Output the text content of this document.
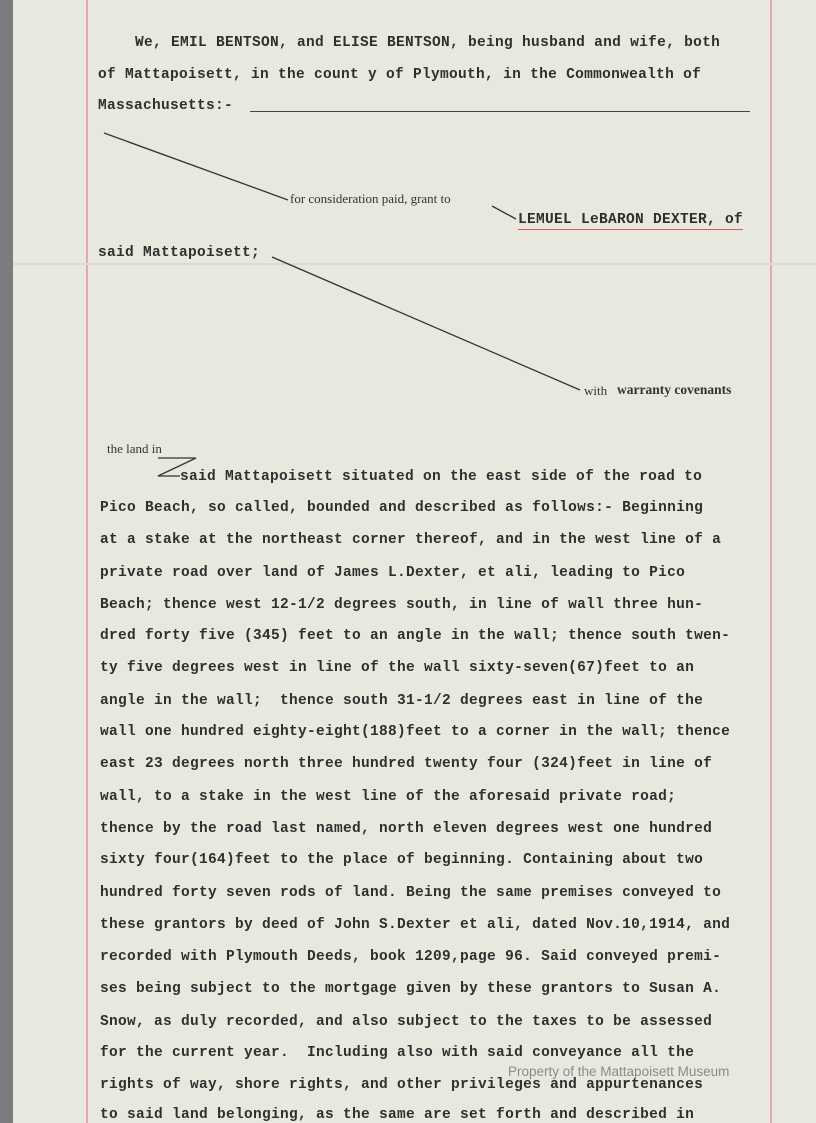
We, EMIL BENTSON, and ELISE BENTSON, being husband and wife, both
of Mattapoisett, in the count y of Plymouth, in the Commonwealth of
Massachusetts:-
for consideration paid, grant to
LEMUEL LeBARON DEXTER, of
said Mattapoisett;
with warranty covenants
the land in
said Mattapoisett situated on the east side of the road to
Pico Beach, so called, bounded and described as follows:- Beginning
at a stake at the northeast corner thereof, and in the west line of a
private road over land of James L.Dexter, et ali, leading to Pico
Beach; thence west 12-1/2 degrees south, in line of wall three hun-
dred forty five (345) feet to an angle in the wall; thence south twen-
ty five degrees west in line of the wall sixty-seven(67)feet to an
angle in the wall;  thence south 31-1/2 degrees east in line of the
wall one hundred eighty-eight(188)feet to a corner in the wall; thence
east 23 degrees north three hundred twenty four (324)feet in line of
wall, to a stake in the west line of the aforesaid private road;
thence by the road last named, north eleven degrees west one hundred
sixty four(164)feet to the place of beginning. Containing about two
hundred forty seven rods of land. Being the same premises conveyed to
these grantors by deed of John S.Dexter et ali, dated Nov.10,1914, and
recorded with Plymouth Deeds, book 1209,page 96. Said conveyed premi-
ses being subject to the mortgage given by these grantors to Susan A.
Snow, as duly recorded, and also subject to the taxes to be assessed
for the current year.  Including also with said conveyance all the
rights of way, shore rights, and other privileges and appurtenances
to said land belonging, as the same are set forth and described in
Property of the Mattapoisett Museum
